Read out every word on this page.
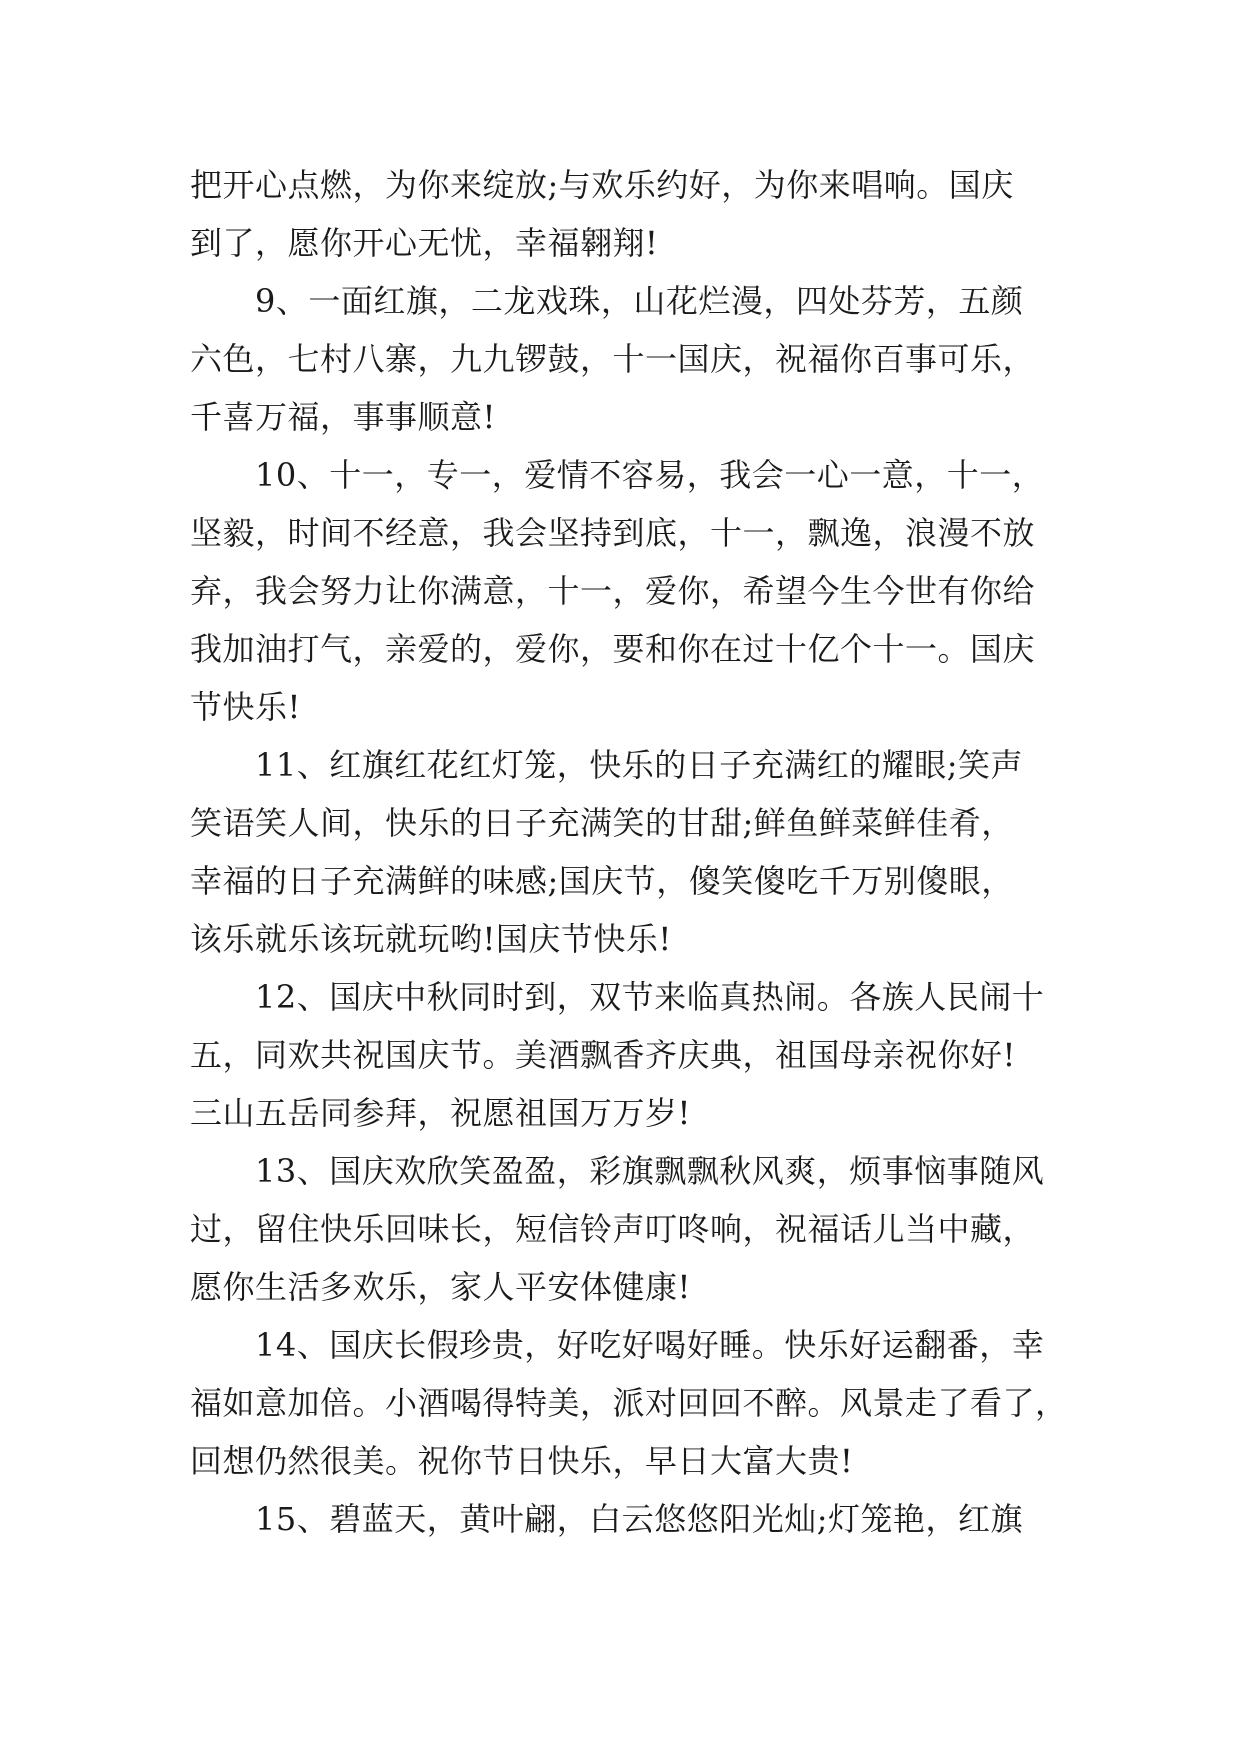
把开心点燃，为你来绽放;与欢乐约好，为你来唱响。国庆
到了，愿你开心无忧，幸福翱翔!
9、一面红旗，二龙戏珠，山花烂漫，四处芬芳，五颜
六色，七村八寨，九九锣鼓，十一国庆，祝福你百事可乐，
千喜万福，事事顺意!
10、十一，专一，爱情不容易，我会一心一意，十一，
坚毅，时间不经意，我会坚持到底，十一，飘逸，浪漫不放
弃，我会努力让你满意，十一，爱你，希望今生今世有你给
我加油打气，亲爱的，爱你，要和你在过十亿个十一。国庆
节快乐!
11、红旗红花红灯笼，快乐的日子充满红的耀眼;笑声
笑语笑人间，快乐的日子充满笑的甘甜;鲜鱼鲜菜鲜佳肴，
幸福的日子充满鲜的味感;国庆节，傻笑傻吃千万别傻眼，
该乐就乐该玩就玩哟!国庆节快乐!
12、国庆中秋同时到，双节来临真热闹。各族人民闹十
五，同欢共祝国庆节。美酒飘香齐庆典，祖国母亲祝你好!
三山五岳同参拜，祝愿祖国万万岁!
13、国庆欢欣笑盈盈，彩旗飘飘秋风爽，烦事恼事随风
过，留住快乐回味长，短信铃声叮咚响，祝福话儿当中藏，
愿你生活多欢乐，家人平安体健康!
14、国庆长假珍贵，好吃好喝好睡。快乐好运翻番，幸
福如意加倍。小酒喝得特美，派对回回不醉。风景走了看了，
回想仍然很美。祝你节日快乐，早日大富大贵!
15、碧蓝天，黄叶翩，白云悠悠阳光灿;灯笼艳，红旗
